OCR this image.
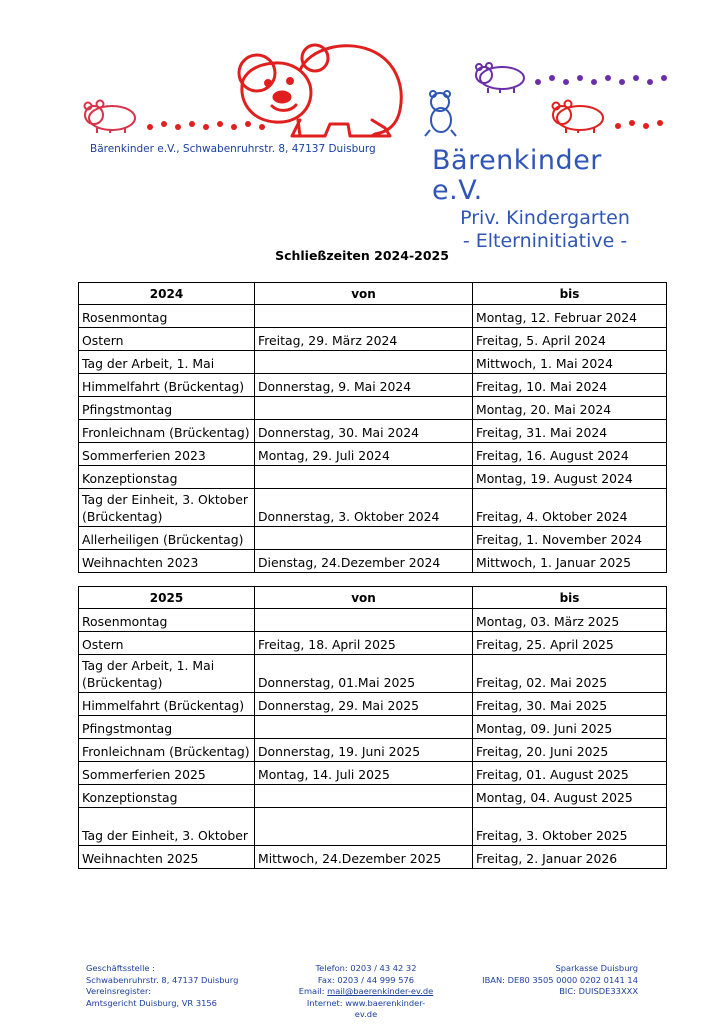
Bärenkinder e.V., Schwabenruhrstr. 8, 47137 Duisburg Bärenkinder e.V.
Priv. Kindergarten
- Elterninitiative -
Schließzeiten 2024-2025
2024	von	bis
Rosenmontag		Montag, 12. Februar 2024
Ostern	Freitag, 29. März 2024	Freitag, 5. April 2024
Tag der Arbeit, 1. Mai		Mittwoch, 1. Mai 2024
Himmelfahrt (Brückentag)	Donnerstag, 9. Mai 2024	Freitag, 10. Mai 2024
Pfingstmontag		Montag, 20. Mai 2024
Fronleichnam (Brückentag)	Donnerstag, 30. Mai 2024	Freitag, 31. Mai 2024
Sommerferien 2023	Montag, 29. Juli 2024	Freitag, 16. August 2024
Konzeptionstag		Montag, 19. August 2024
Tag der Einheit, 3. Oktober (Brückentag)	Donnerstag, 3. Oktober 2024	Freitag, 4. Oktober 2024
Allerheiligen (Brückentag)		Freitag, 1. November 2024
Weihnachten 2023	Dienstag, 24.Dezember 2024	Mittwoch, 1. Januar 2025
2025	von	bis
Rosenmontag		Montag, 03. März 2025
Ostern	Freitag, 18. April 2025	Freitag, 25. April 2025
Tag der Arbeit, 1. Mai (Brückentag)	Donnerstag, 01.Mai 2025	Freitag, 02. Mai 2025
Himmelfahrt (Brückentag)	Donnerstag, 29. Mai 2025	Freitag, 30. Mai 2025
Pfingstmontag		Montag, 09. Juni 2025
Fronleichnam (Brückentag)	Donnerstag, 19. Juni 2025	Freitag, 20. Juni 2025
Sommerferien 2025	Montag, 14. Juli 2025	Freitag, 01. August 2025
Konzeptionstag		Montag, 04. August 2025
Tag der Einheit, 3. Oktober		Freitag, 3. Oktober 2025
Weihnachten 2025	Mittwoch, 24.Dezember 2025	Freitag, 2. Januar 2026
Geschäftsstelle :
Schwabenruhrstr. 8, 47137 Duisburg
Vereinsregister:
Amtsgericht Duisburg, VR 3156
Telefon: 0203 / 43 42 32
Fax: 0203 / 44 999 576
Email: mail@baerenkinder-ev.de
Internet: www.baerenkinder-ev.de
Sparkasse Duisburg
IBAN: DE80 3505 0000 0202 0141 14
BIC: DUISDE33XXX
